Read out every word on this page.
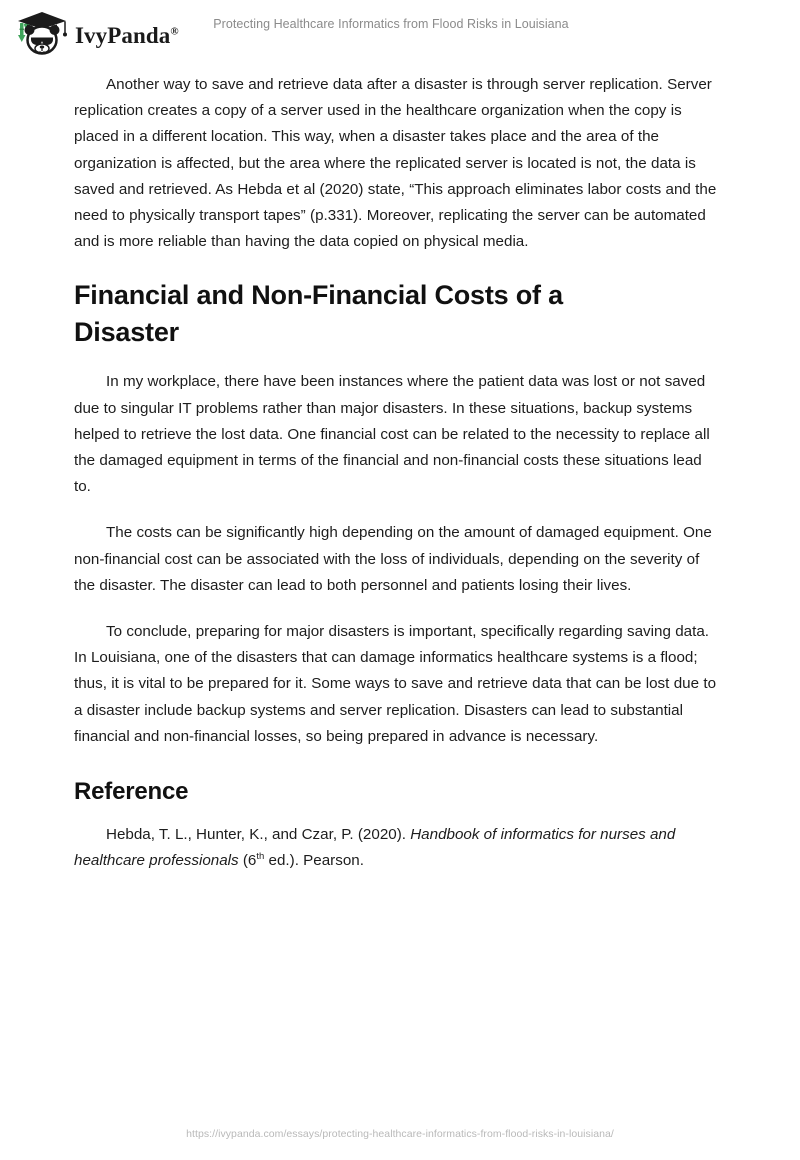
IvyPanda®	Protecting Healthcare Informatics from Flood Risks in Louisiana

Another way to save and retrieve data after a disaster is through server replication. Server replication creates a copy of a server used in the healthcare organization when the copy is placed in a different location. This way, when a disaster takes place and the area of the organization is affected, but the area where the replicated server is located is not, the data is saved and retrieved. As Hebda et al (2020) state, “This approach eliminates labor costs and the need to physically transport tapes” (p.331). Moreover, replicating the server can be automated and is more reliable than having the data copied on physical media.

Financial and Non-Financial Costs of a Disaster

In my workplace, there have been instances where the patient data was lost or not saved due to singular IT problems rather than major disasters. In these situations, backup systems helped to retrieve the lost data. One financial cost can be related to the necessity to replace all the damaged equipment in terms of the financial and non-financial costs these situations lead to.

The costs can be significantly high depending on the amount of damaged equipment. One non-financial cost can be associated with the loss of individuals, depending on the severity of the disaster. The disaster can lead to both personnel and patients losing their lives.

To conclude, preparing for major disasters is important, specifically regarding saving data. In Louisiana, one of the disasters that can damage informatics healthcare systems is a flood; thus, it is vital to be prepared for it. Some ways to save and retrieve data that can be lost due to a disaster include backup systems and server replication. Disasters can lead to substantial financial and non-financial losses, so being prepared in advance is necessary.

Reference

Hebda, T. L., Hunter, K., and Czar, P. (2020). Handbook of informatics for nurses and healthcare professionals (6th ed.). Pearson.

https://ivypanda.com/essays/protecting-healthcare-informatics-from-flood-risks-in-louisiana/
